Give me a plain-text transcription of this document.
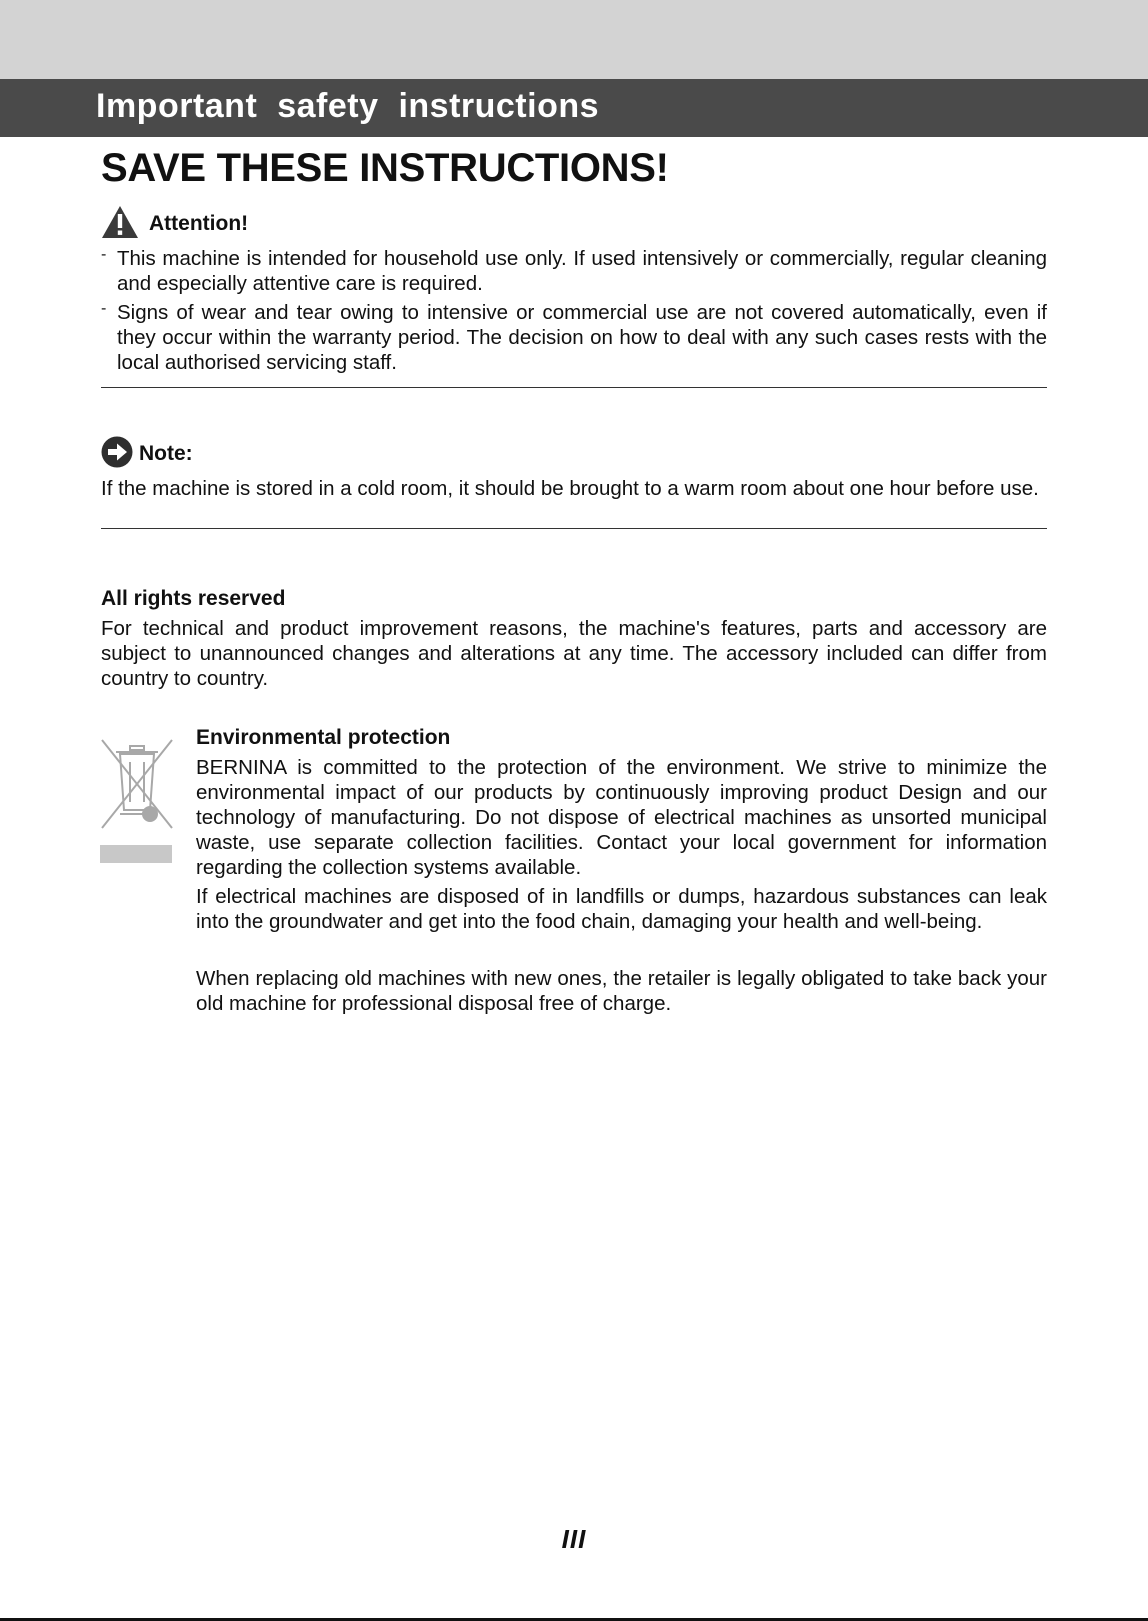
Important safety instructions
SAVE THESE INSTRUCTIONS!
Attention!
- This machine is intended for household use only. If used intensively or commercially, regular cleaning and especially attentive care is required.

- Signs of wear and tear owing to intensive or commercial use are not covered automatically, even if they occur within the warranty period. The decision on how to deal with any such cases rests with the local authorised servicing staff.

Note:

If the machine is stored in a cold room, it should be brought to a warm room about one hour before use.

All rights reserved

For technical and product improvement reasons, the machine's features, parts and accessory are subject to unannounced changes and alterations at any time. The accessory included can differ from country to country.

Environmental protection

BERNINA is committed to the protection of the environment. We strive to minimize the environmental impact of our products by continuously improving product Design and our technology of manufacturing. Do not dispose of electrical machines as unsorted municipal waste, use separate collection facilities. Contact your local government for information regarding the collection systems available.

If electrical machines are disposed of in landfills or dumps, hazardous substances can leak into the groundwater and get into the food chain, damaging your health and well-being.

When replacing old machines with new ones, the retailer is legally obligated to take back your old machine for professional disposal free of charge.

III
